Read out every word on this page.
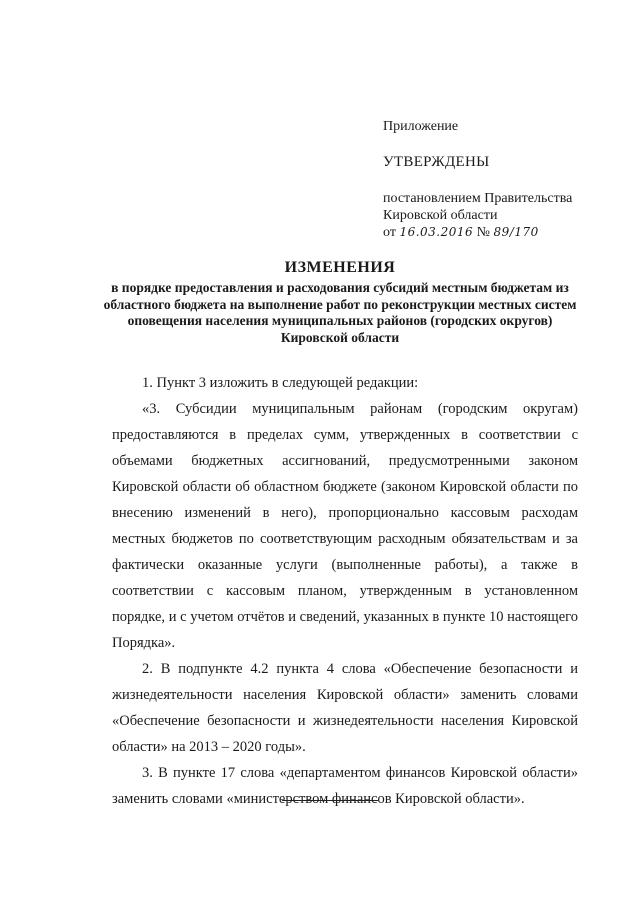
Приложение

УТВЕРЖДЕНЫ

постановлением Правительства
Кировской области
от 16.03.2016 № 89/170

ИЗМЕНЕНИЯ

в порядке предоставления и расходования субсидий местным бюджетам из областного бюджета на выполнение работ по реконструкции местных систем оповещения населения муниципальных районов (городских округов) Кировской области

1. Пункт 3 изложить в следующей редакции:

«3. Субсидии муниципальным районам (городским округам) предоставляются в пределах сумм, утвержденных в соответствии с объемами бюджетных ассигнований, предусмотренными законом Кировской области об областном бюджете (законом Кировской области по внесению изменений в него), пропорционально кассовым расходам местных бюджетов по соответствующим расходным обязательствам и за фактически оказанные услуги (выполненные работы), а также в соответствии с кассовым планом, утвержденным в установленном порядке, и с учетом отчётов и сведений, указанных в пункте 10 настоящего Порядка».

2. В подпункте 4.2 пункта 4 слова «Обеспечение безопасности и жизнедеятельности населения Кировской области» заменить словами «Обеспечение безопасности и жизнедеятельности населения Кировской области» на 2013 – 2020 годы».

3. В пункте 17 слова «департаментом финансов Кировской области» заменить словами «министерством финансов Кировской области».
